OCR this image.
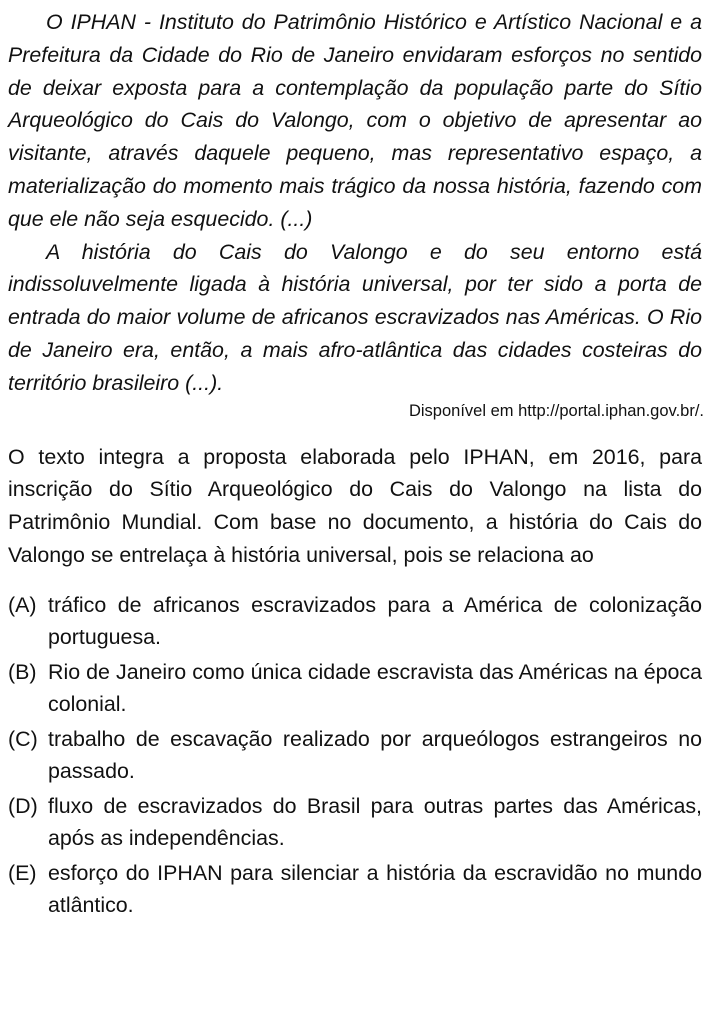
O IPHAN - Instituto do Patrimônio Histórico e Artístico Nacional e a Prefeitura da Cidade do Rio de Janeiro envidaram esforços no sentido de deixar exposta para a contemplação da população parte do Sítio Arqueológico do Cais do Valongo, com o objetivo de apresentar ao visitante, através daquele pequeno, mas representativo espaço, a materialização do momento mais trágico da nossa história, fazendo com que ele não seja esquecido. (...)

A história do Cais do Valongo e do seu entorno está indissoluvelmente ligada à história universal, por ter sido a porta de entrada do maior volume de africanos escravizados nas Américas. O Rio de Janeiro era, então, a mais afro-atlântica das cidades costeiras do território brasileiro (...).

Disponível em http://portal.iphan.gov.br/.
O texto integra a proposta elaborada pelo IPHAN, em 2016, para inscrição do Sítio Arqueológico do Cais do Valongo na lista do Patrimônio Mundial. Com base no documento, a história do Cais do Valongo se entrelaça à história universal, pois se relaciona ao
(A) tráfico de africanos escravizados para a América de colonização portuguesa.
(B) Rio de Janeiro como única cidade escravista das Américas na época colonial.
(C) trabalho de escavação realizado por arqueólogos estrangeiros no passado.
(D) fluxo de escravizados do Brasil para outras partes das Américas, após as independências.
(E) esforço do IPHAN para silenciar a história da escravidão no mundo atlântico.
